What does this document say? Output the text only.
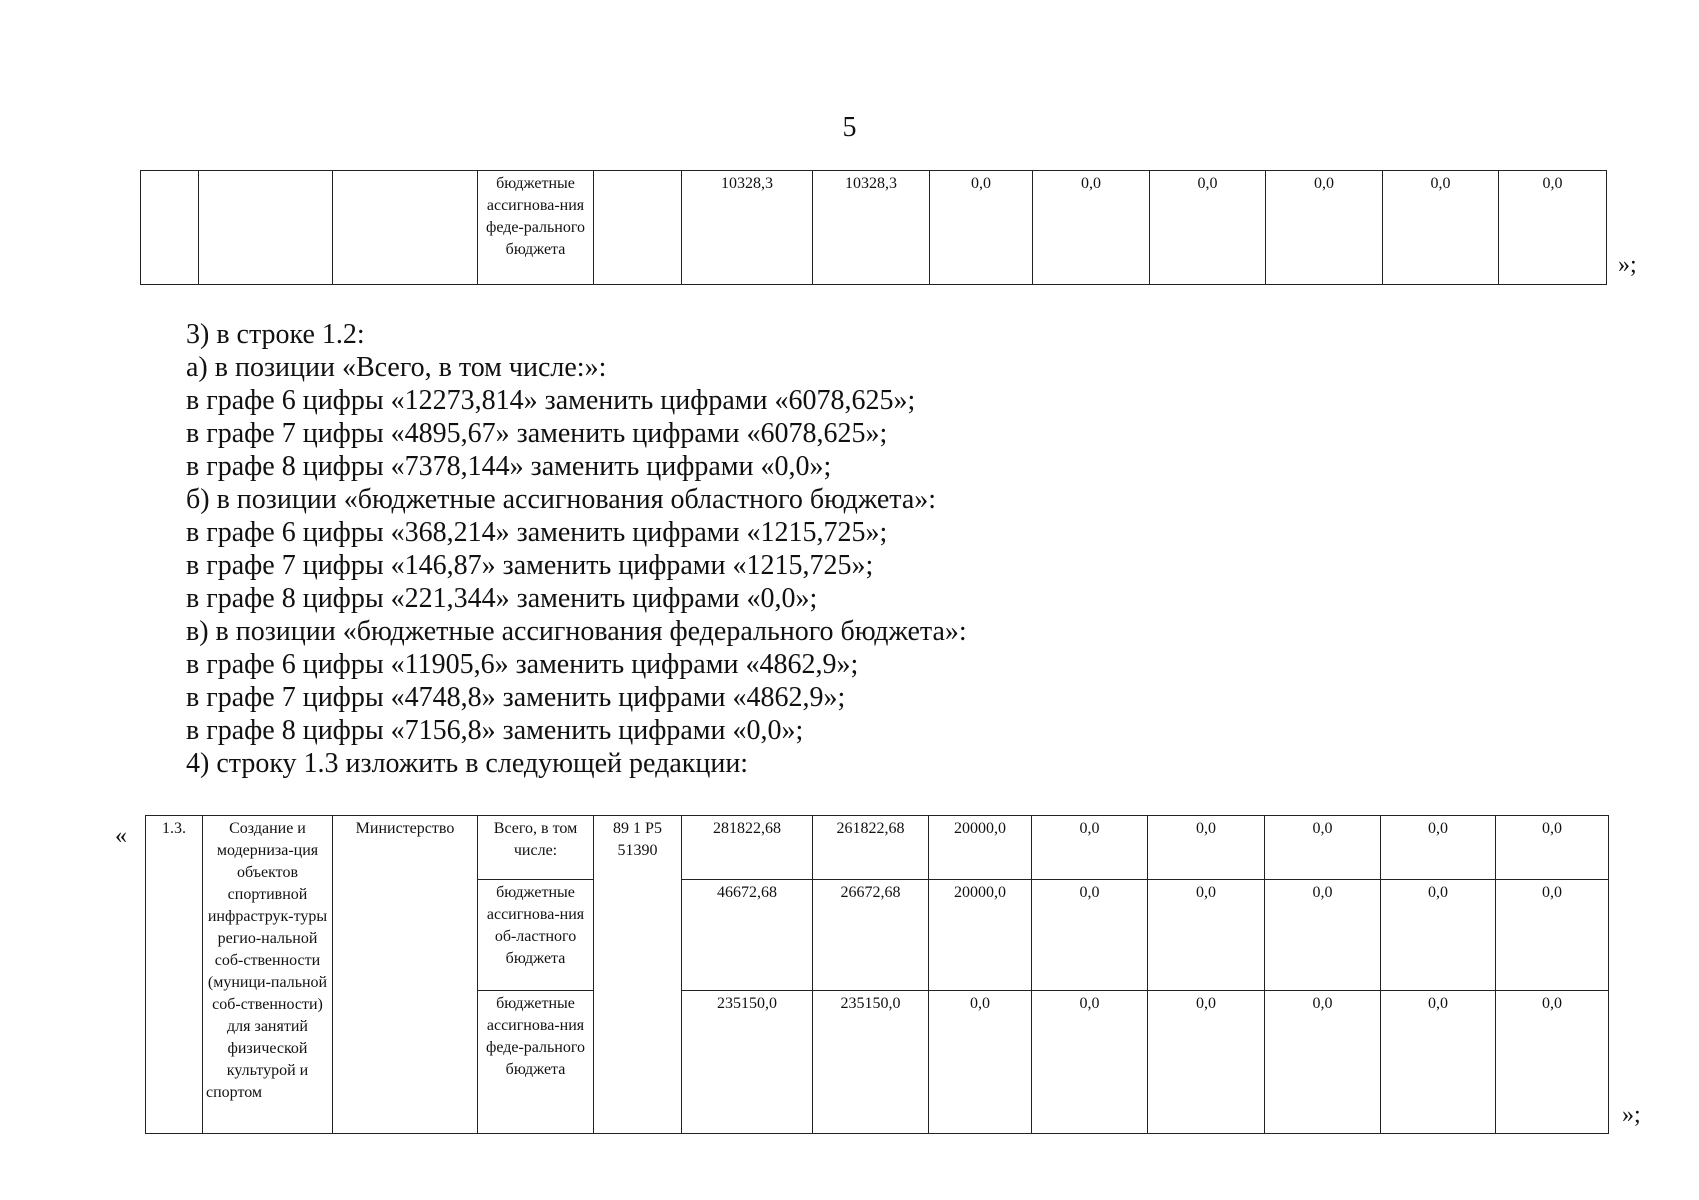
5
			бюджетные ассигнова-ния феде-рального бюджета		10328,3	10328,3	0,0	0,0	0,0	0,0	0,0	0,0
»;
3) в строке 1.2:
а) в позиции «Всего, в том числе:»:
в графе 6 цифры «12273,814» заменить цифрами «6078,625»;
в графе 7 цифры «4895,67» заменить цифрами «6078,625»;
в графе 8 цифры «7378,144» заменить цифрами «0,0»;
б) в позиции «бюджетные ассигнования областного бюджета»:
в графе 6 цифры «368,214» заменить цифрами «1215,725»;
в графе 7 цифры «146,87» заменить цифрами «1215,725»;
в графе 8 цифры «221,344» заменить цифрами «0,0»;
в) в позиции «бюджетные ассигнования федерального бюджета»:
в графе 6 цифры «11905,6» заменить цифрами «4862,9»;
в графе 7 цифры «4748,8» заменить цифрами «4862,9»;
в графе 8 цифры «7156,8» заменить цифрами «0,0»;
4) строку 1.3 изложить в следующей редакции:
« 1.3.	Создание и модерниза-ция объектов спортивной инфраструк-туры регио-нальной соб-ственности (муници-пальной соб-ственности) для занятий физической культурой и спортом	Министерство	Всего, в том числе:	89 1 Р5 51390	281822,68	261822,68	20000,0	0,0	0,0	0,0	0,0	0,0
			бюджетные ассигнова-ния об-ластного бюджета		46672,68	26672,68	20000,0	0,0	0,0	0,0	0,0	0,0
			бюджетные ассигнова-ния феде-рального бюджета		235150,0	235150,0	0,0	0,0	0,0	0,0	0,0	0,0
»;
